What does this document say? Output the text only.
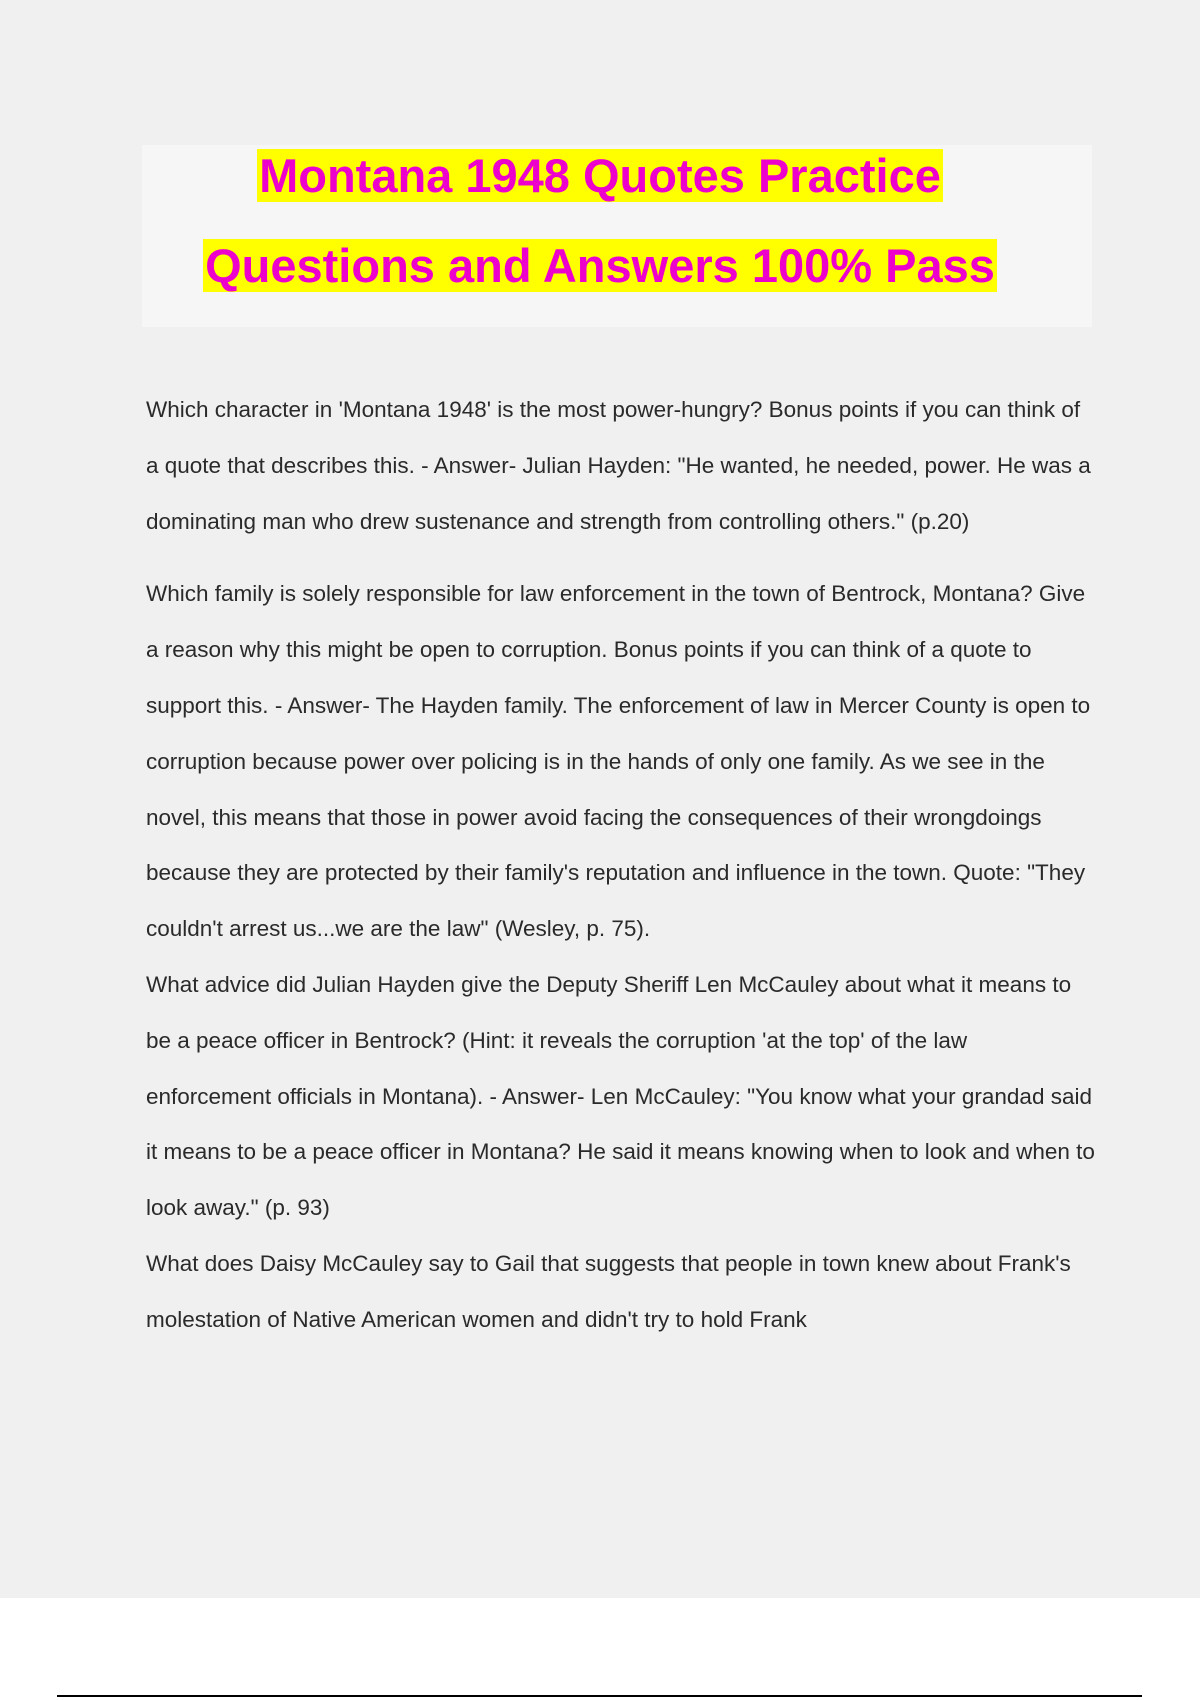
Montana 1948 Quotes Practice
Questions and Answers 100% Pass

Which character in 'Montana 1948' is the most power-hungry? Bonus points if you can think of a quote that describes this. - Answer- Julian Hayden: "He wanted, he needed, power. He was a dominating man who drew sustenance and strength from controlling others." (p.20)

Which family is solely responsible for law enforcement in the town of Bentrock, Montana? Give a reason why this might be open to corruption. Bonus points if you can think of a quote to support this. - Answer- The Hayden family. The enforcement of law in Mercer County is open to corruption because power over policing is in the hands of only one family. As we see in the novel, this means that those in power avoid facing the consequences of their wrongdoings because they are protected by their family's reputation and influence in the town. Quote: "They couldn't arrest us...we are the law" (Wesley, p. 75).

What advice did Julian Hayden give the Deputy Sheriff Len McCauley about what it means to be a peace officer in Bentrock? (Hint: it reveals the corruption 'at the top' of the law enforcement officials in Montana). - Answer- Len McCauley: "You know what your grandad said it means to be a peace officer in Montana? He said it means knowing when to look and when to look away." (p. 93)

What does Daisy McCauley say to Gail that suggests that people in town knew about Frank's molestation of Native American women and didn't try to hold Frank
